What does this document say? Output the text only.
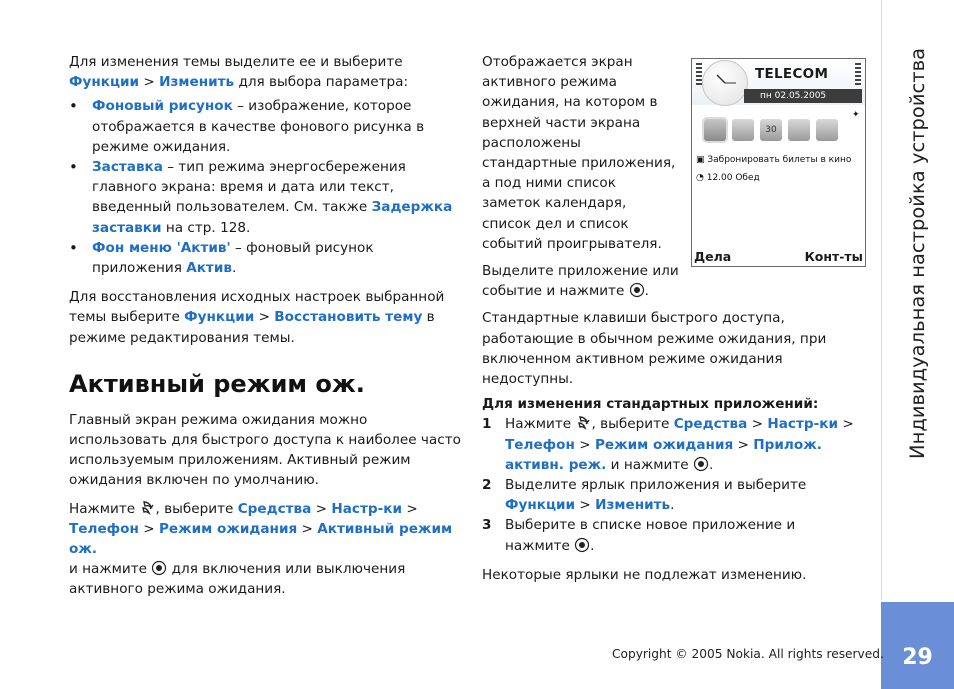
Для изменения темы выделите ее и выберите
Функции > Изменить для выбора параметра:

• Фоновый рисунок – изображение, которое отображается в качестве фонового рисунка в режиме ожидания.

• Заставка – тип режима энергосбережения главного экрана: время и дата или текст, введенный пользователем. См. также Задержка заставки на стр. 128.

• Фон меню 'Актив' – фоновый рисунок приложения Актив.

Для восстановления исходных настроек выбранной темы выберите Функции > Восстановить тему в режиме редактирования темы.

Активный режим ож.

Главный экран режима ожидания можно использовать для быстрого доступа к наиболее часто используемым приложениям. Активный режим ожидания включен по умолчанию.

Нажмите , выберите Средства > Настр-ки >
Телефон > Режим ожидания > Активный режим ож.
и нажмите  для включения или выключения активного режима ожидания.

Отображается экран активного режима ожидания, на котором в верхней части экрана расположены стандартные приложения, а под ними список заметок календаря, список дел и список событий проигрывателя.

Выделите приложение или событие и нажмите .

Стандартные клавиши быстрого доступа, работающие в обычном режиме ожидания, при включенном активном режиме ожидания недоступны.

Для изменения стандартных приложений:

1 Нажмите , выберите Средства > Настр-ки >
Телефон > Режим ожидания > Прилож. активн. реж. и нажмите .
2 Выделите ярлык приложения и выберите
Функции > Изменить.
3 Выберите в списке новое приложение и нажмите .

Некоторые ярлыки не подлежат изменению.

TELECOM
пн 02.05.2005
✦
30
▣ Забронировать билеты в кино
◔ 12.00 Обед
Дела	Конт-ты Индивидуальная настройка устройства
29
Copyright © 2005 Nokia. All rights reserved.
